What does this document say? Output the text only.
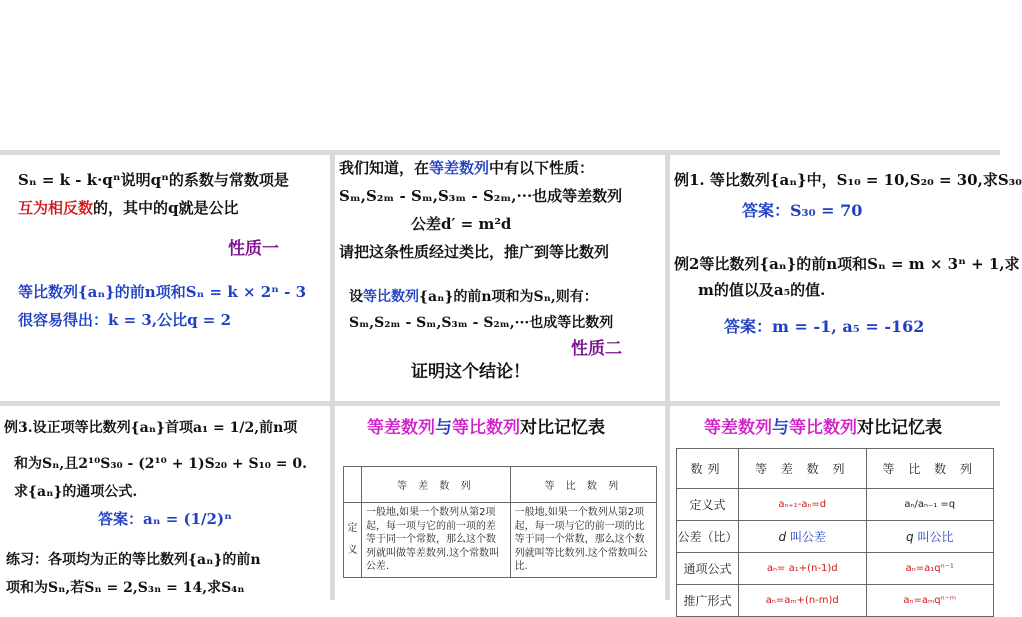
Sₙ = k - k·qⁿ说明qⁿ的系数与常数项是
互为相反数的，其中的q就是公比
性质一
等比数列{aₙ}的前n项和Sₙ = k × 2ⁿ - 3
很容易得出：k = 3,公比q = 2
我们知道，在等差数列中有以下性质：
Sₘ,S₂ₘ - Sₘ,S₃ₘ - S₂ₘ,···也成等差数列
公差d′ = m²d
请把这条性质经过类比，推广到等比数列
设等比数列{aₙ}的前n项和为Sₙ,则有：
Sₘ,S₂ₘ - Sₘ,S₃ₘ - S₂ₘ,···也成等比数列
性质二
证明这个结论！
例1. 等比数列{aₙ}中，S₁₀ = 10,S₂₀ = 30,求S₃₀
答案：S₃₀ = 70
例2等比数列{aₙ}的前n项和Sₙ = m × 3ⁿ + 1,求
m的值以及a₅的值.
答案：m = -1, a₅ = -162
例3.设正项等比数列{aₙ}首项a₁ = 1/2,前n项
和为Sₙ,且2¹⁰S₃₀ - (2¹⁰ + 1)S₂₀ + S₁₀ = 0.
求{aₙ}的通项公式.
答案：aₙ = (1/2)ⁿ
练习：各项均为正的等比数列{aₙ}的前n
项和为Sₙ,若Sₙ = 2,S₃ₙ = 14,求S₄ₙ
等差数列与等比数列对比记忆表
	等 差 数 列	等 比 数 列
定义	一般地,如果一个数列从第2项起，每一项与它的前一项的差等于同一个常数，那么这个数列就叫做等差数列.这个常数叫公差.	一般地,如果一个数列从第2项起，每一项与它的前一项的比等于同一个常数，那么这个数列就叫等比数列.这个常数叫公比.
等差数列与等比数列对比记忆表
数列	等 差 数 列	等 比 数 列
定义式	aₙ₊₁-aₙ=d	aₙ/aₙ₋₁ =q
公差（比）	d 叫公差	q 叫公比
通项公式	aₙ= a₁+(n-1)d	aₙ=a₁qⁿ⁻¹
推广形式	aₙ=aₘ+(n-m)d	aₙ=aₘqⁿ⁻ᵐ
